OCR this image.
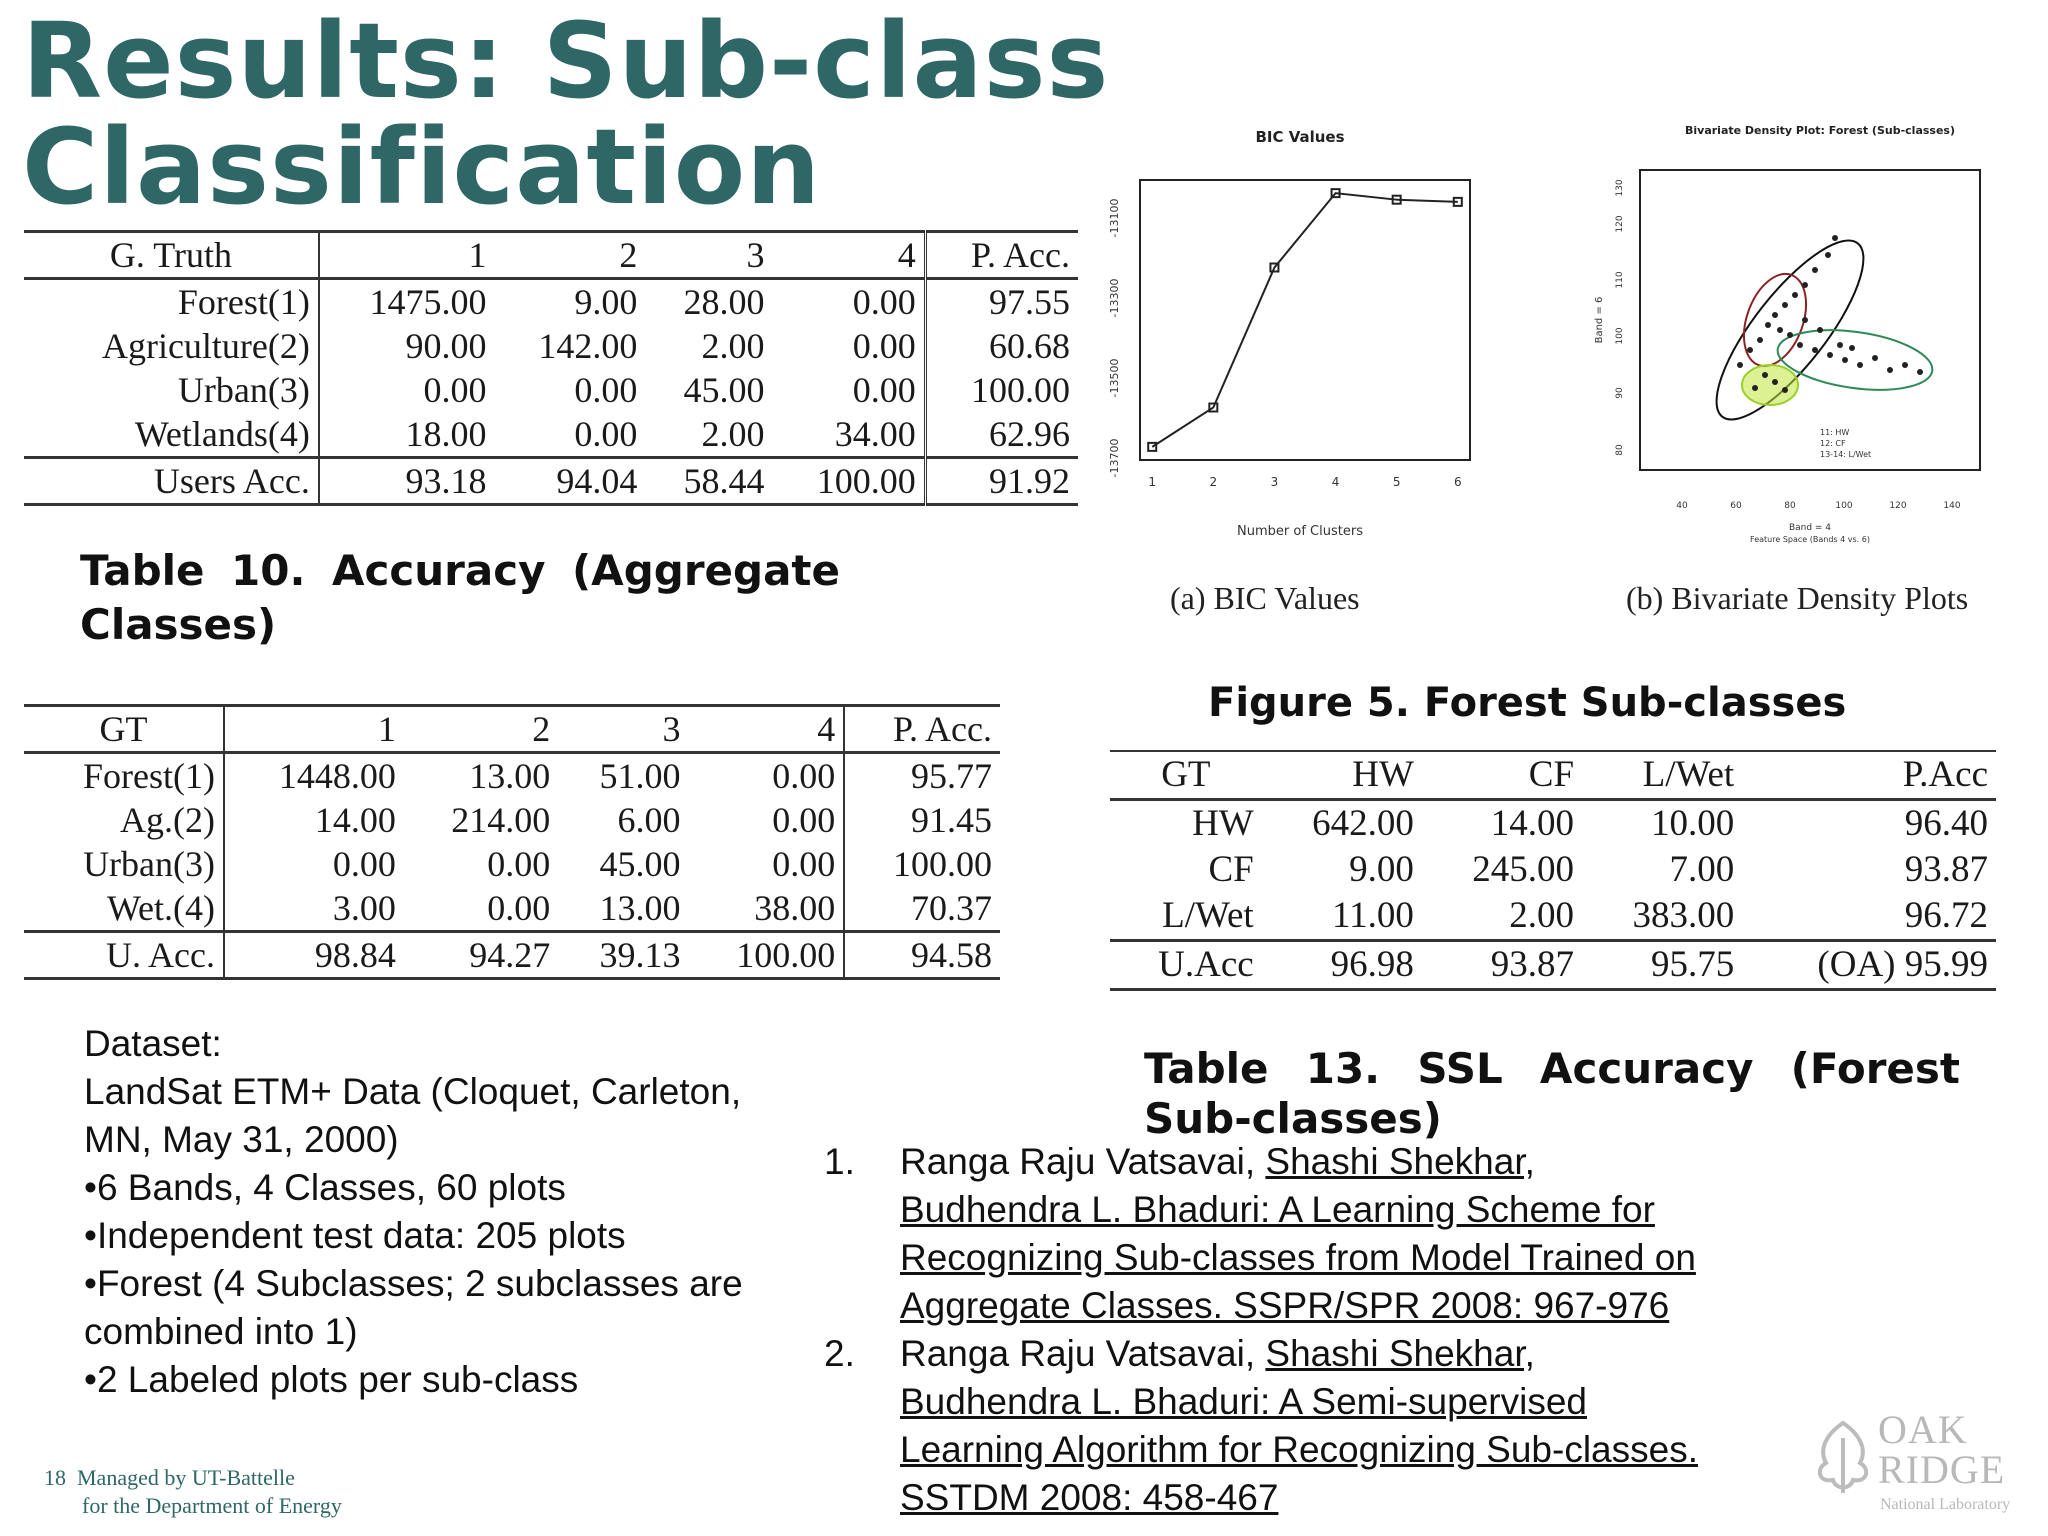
Results: Sub-class
Classification
G. Truth	1	2	3	4	P. Acc.
Forest(1)	1475.00	9.00	28.00	0.00	97.55
Agriculture(2)	90.00	142.00	2.00	0.00	60.68
Urban(3)	0.00	0.00	45.00	0.00	100.00
Wetlands(4)	18.00	0.00	2.00	34.00	62.96
Users Acc.	93.18	94.04	58.44	100.00	91.92
Table 10. Accuracy (Aggregate Classes)
GT	1	2	3	4	P. Acc.
Forest(1)	1448.00	13.00	51.00	0.00	95.77
Ag.(2)	14.00	214.00	6.00	0.00	91.45
Urban(3)	0.00	0.00	45.00	0.00	100.00
Wet.(4)	3.00	0.00	13.00	38.00	70.37
U. Acc.	98.84	94.27	39.13	100.00	94.58
BIC Values
-13700
-13500
-13300
-13100
1	2	3	4	5	6
Number of Clusters
(a) BIC Values
Bivariate Density Plot: Forest (Sub-classes)
Band = 6
80
90
100
110
120
130
40	60	80	100	120	140
11: HW
12: CF
13-14: L/Wet
Band = 4
Feature Space (Bands 4 vs. 6)
(b) Bivariate Density Plots
Figure 5. Forest Sub-classes
GT	HW	CF	L/Wet	P.Acc
HW	642.00	14.00	10.00	96.40
CF	9.00	245.00	7.00	93.87
L/Wet	11.00	2.00	383.00	96.72
U.Acc	96.98	93.87	95.75	(OA) 95.99
Table 13. SSL Accuracy (Forest Sub-classes)
Dataset:
LandSat ETM+ Data (Cloquet, Carleton,
MN, May 31, 2000)
•6 Bands, 4 Classes, 60 plots
•Independent test data: 205 plots
•Forest (4 Subclasses; 2 subclasses are
combined into 1)
•2 Labeled plots per sub-class
1. Ranga Raju Vatsavai, Shashi Shekhar,
Budhendra L. Bhaduri: A Learning Scheme for
Recognizing Sub-classes from Model Trained on
Aggregate Classes. SSPR/SPR 2008: 967-976
2. Ranga Raju Vatsavai, Shashi Shekhar,
Budhendra L. Bhaduri: A Semi-supervised
Learning Algorithm for Recognizing Sub-classes.
SSTDM 2008: 458-467
18 Managed by UT-Battelle
for the Department of Energy
OAK
RIDGE
National Laboratory
